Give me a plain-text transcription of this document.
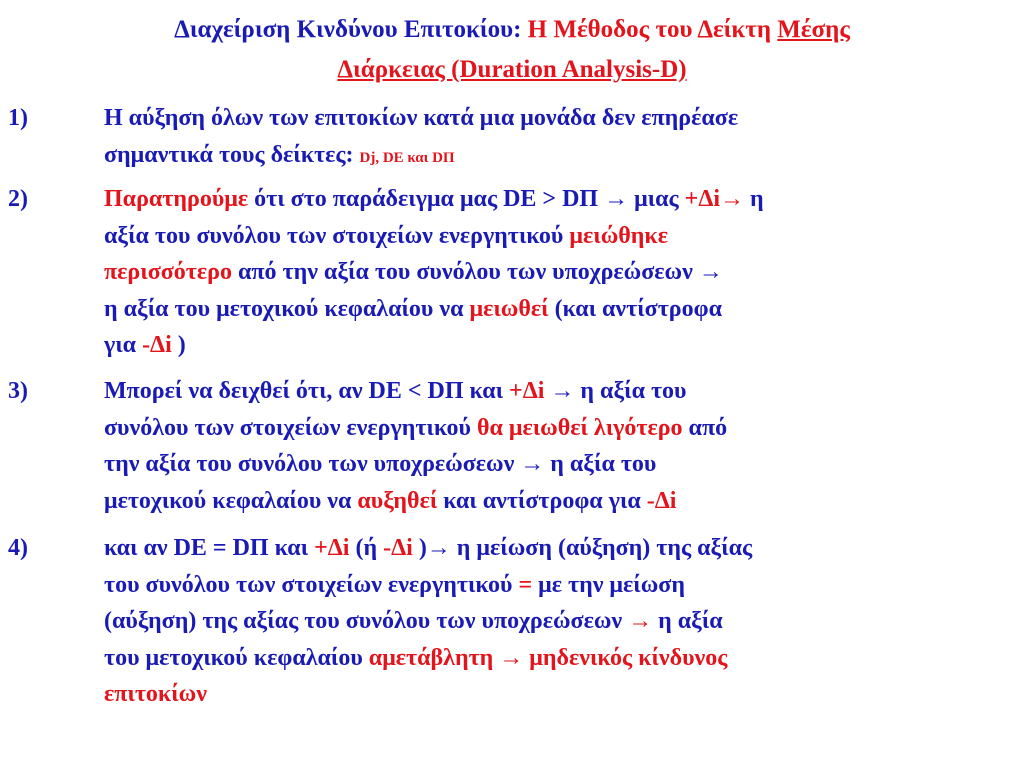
Διαχείριση Κινδύνου Επιτοκίου: Η Μέθοδος του Δείκτη Μέσης
Διάρκειας (Duration Analysis-D)
1)	Η αύξηση όλων των επιτοκίων κατά μια μονάδα δεν επηρέασε
σημαντικά τους δείκτες: Dj, DE και DΠ
2)	Παρατηρούμε ότι στο παράδειγμα μας DE > DΠ → μιας +Δi→ η
αξία του συνόλου των στοιχείων ενεργητικού μειώθηκε
περισσότερο από την αξία του συνόλου των υποχρεώσεων →
η αξία του μετοχικού κεφαλαίου να μειωθεί (και αντίστροφα
για -Δi )
3)	Μπορεί να δειχθεί ότι, αν DE < DΠ και +Δi → η αξία του
συνόλου των στοιχείων ενεργητικού θα μειωθεί λιγότερο από
την αξία του συνόλου των υποχρεώσεων → η αξία του
μετοχικού κεφαλαίου να αυξηθεί και αντίστροφα για -Δi
4)	και αν DE = DΠ και +Δi (ή -Δi )→ η μείωση (αύξηση) της αξίας
του συνόλου των στοιχείων ενεργητικού = με την μείωση
(αύξηση) της αξίας του συνόλου των υποχρεώσεων → η αξία
του μετοχικού κεφαλαίου αμετάβλητη → μηδενικός κίνδυνος
επιτοκίων
